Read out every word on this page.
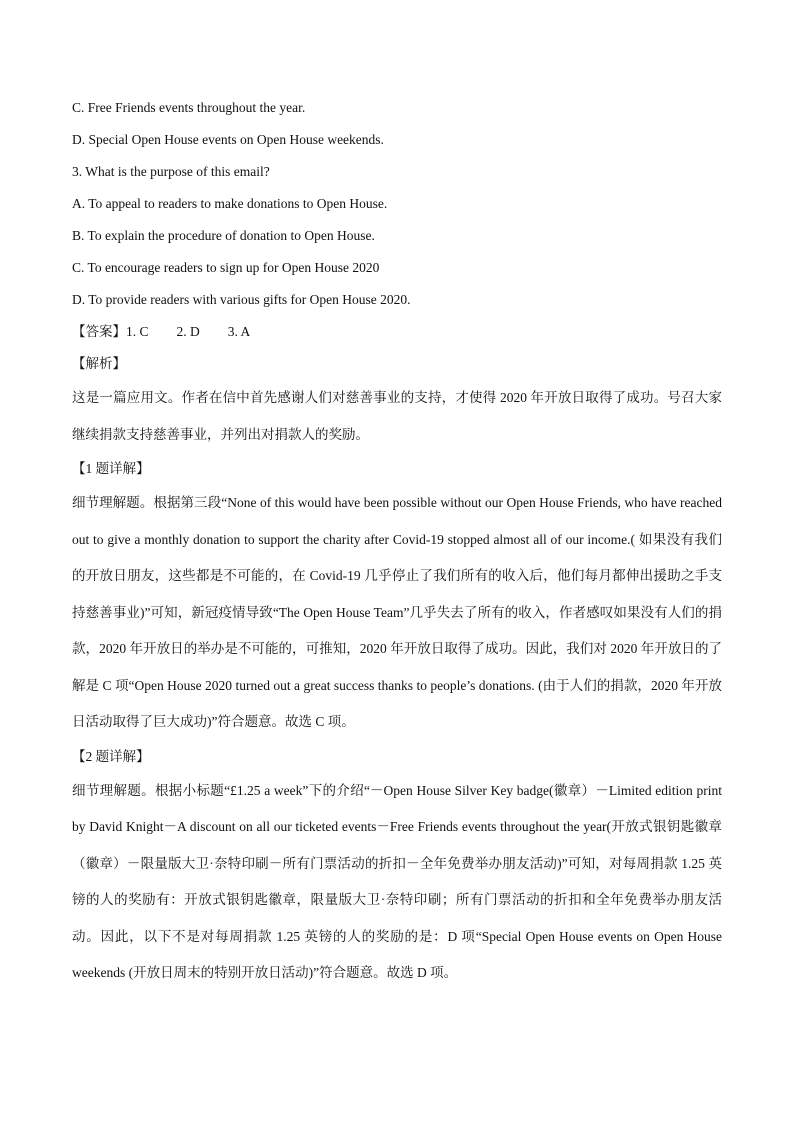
C. Free Friends events throughout the year.
D. Special Open House events on Open House weekends.
3. What is the purpose of this email?
A. To appeal to readers to make donations to Open House.
B. To explain the procedure of donation to Open House.
C. To encourage readers to sign up for Open House 2020
D. To provide readers with various gifts for Open House 2020.
【答案】1. C 2. D 3. A
【解析】
这是一篇应用文。作者在信中首先感谢人们对慈善事业的支持，才使得 2020 年开放日取得了成功。号召大家继续捐款支持慈善事业，并列出对捐款人的奖励。
【1 题详解】
细节理解题。根据第三段“None of this would have been possible without our Open House Friends, who have reached out to give a monthly donation to support the charity after Covid-19 stopped almost all of our income.( 如果没有我们的开放日朋友，这些都是不可能的，在 Covid-19 几乎停止了我们所有的收入后，他们每月都伸出援助之手支持慈善事业)”可知，新冠疫情导致“The Open House Team”几乎失去了所有的收入，作者感叹如果没有人们的捐款，2020 年开放日的举办是不可能的，可推知，2020 年开放日取得了成功。因此，我们对 2020 年开放日的了解是 C 项“Open House 2020 turned out a great success thanks to people’s donations. (由于人们的捐款，2020 年开放日活动取得了巨大成功)”符合题意。故选 C 项。
【2 题详解】
细节理解题。根据小标题“£1.25 a week”下的介绍“－Open House Silver Key badge(徽章）－Limited edition print by David Knight－A discount on all our ticketed events－Free Friends events throughout the year(开放式银钥匙徽章（徽章）－限量版大卫·奈特印刷－所有门票活动的折扣－全年免费举办朋友活动)”可知，对每周捐款 1.25 英镑的人的奖励有：开放式银钥匙徽章，限量版大卫·奈特印刷；所有门票活动的折扣和全年免费举办朋友活动。因此，以下不是对每周捐款 1.25 英镑的人的奖励的是：D 项“Special Open House events on Open House weekends (开放日周末的特别开放日活动)”符合题意。故选 D 项。
